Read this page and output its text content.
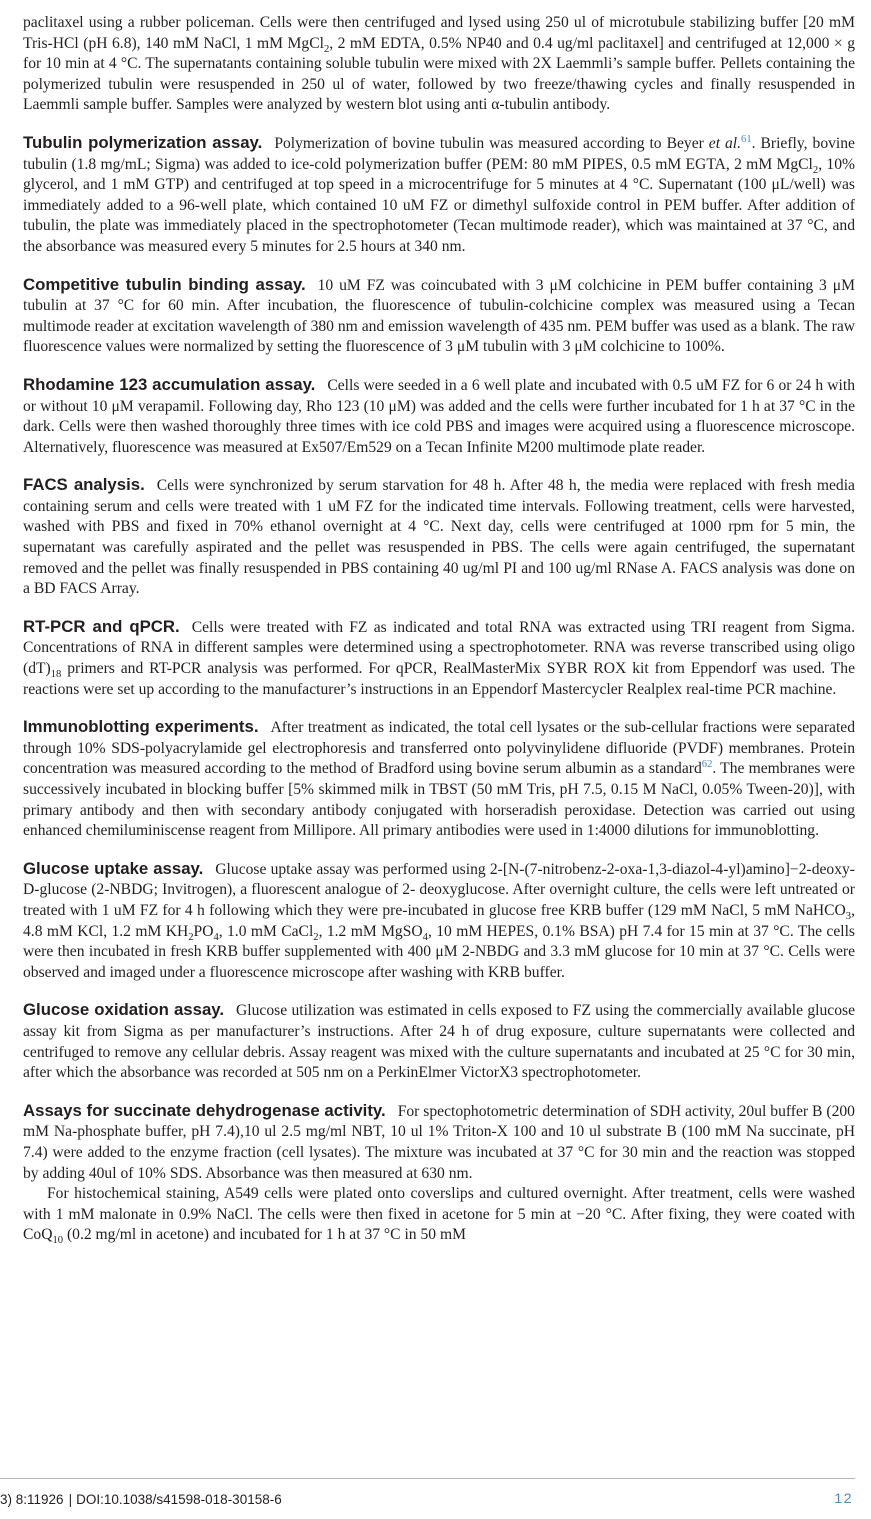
paclitaxel using a rubber policeman. Cells were then centrifuged and lysed using 250 ul of microtubule stabilizing buffer [20 mM Tris-HCl (pH 6.8), 140 mM NaCl, 1 mM MgCl$_2$, 2 mM EDTA, 0.5% NP40 and 0.4 ug/ml paclitaxel] and centrifuged at 12,000 × g for 10 min at 4 °C. The supernatants containing soluble tubulin were mixed with 2X Laemmli’s sample buffer. Pellets containing the polymerized tubulin were resuspended in 250 ul of water, followed by two freeze/thawing cycles and finally resuspended in Laemmli sample buffer. Samples were analyzed by western blot using anti α-tubulin antibody.

Tubulin polymerization assay. Polymerization of bovine tubulin was measured according to Beyer et al.$^{61}$. Briefly, bovine tubulin (1.8 mg/mL; Sigma) was added to ice-cold polymerization buffer (PEM: 80 mM PIPES, 0.5 mM EGTA, 2 mM MgCl$_2$, 10% glycerol, and 1 mM GTP) and centrifuged at top speed in a microcentrifuge for 5 minutes at 4 °C. Supernatant (100 μL/well) was immediately added to a 96-well plate, which contained 10 uM FZ or dimethyl sulfoxide control in PEM buffer. After addition of tubulin, the plate was immediately placed in the spectrophotometer (Tecan multimode reader), which was maintained at 37 °C, and the absorbance was measured every 5 minutes for 2.5 hours at 340 nm.

Competitive tubulin binding assay. 10 uM FZ was coincubated with 3 μM colchicine in PEM buffer containing 3 μM tubulin at 37 °C for 60 min. After incubation, the fluorescence of tubulin-colchicine complex was measured using a Tecan multimode reader at excitation wavelength of 380 nm and emission wavelength of 435 nm. PEM buffer was used as a blank. The raw fluorescence values were normalized by setting the fluorescence of 3 μM tubulin with 3 μM colchicine to 100%.

Rhodamine 123 accumulation assay. Cells were seeded in a 6 well plate and incubated with 0.5 uM FZ for 6 or 24 h with or without 10 μM verapamil. Following day, Rho 123 (10 μM) was added and the cells were further incubated for 1 h at 37 °C in the dark. Cells were then washed thoroughly three times with ice cold PBS and images were acquired using a fluorescence microscope. Alternatively, fluorescence was measured at Ex507/Em529 on a Tecan Infinite M200 multimode plate reader.

FACS analysis. Cells were synchronized by serum starvation for 48 h. After 48 h, the media were replaced with fresh media containing serum and cells were treated with 1 uM FZ for the indicated time intervals. Following treatment, cells were harvested, washed with PBS and fixed in 70% ethanol overnight at 4 °C. Next day, cells were centrifuged at 1000 rpm for 5 min, the supernatant was carefully aspirated and the pellet was resuspended in PBS. The cells were again centrifuged, the supernatant removed and the pellet was finally resuspended in PBS containing 40 ug/ml PI and 100 ug/ml RNase A. FACS analysis was done on a BD FACS Array.

RT-PCR and qPCR. Cells were treated with FZ as indicated and total RNA was extracted using TRI reagent from Sigma. Concentrations of RNA in different samples were determined using a spectrophotometer. RNA was reverse transcribed using oligo $(dT)_{18}$ primers and RT-PCR analysis was performed. For qPCR, RealMasterMix SYBR ROX kit from Eppendorf was used. The reactions were set up according to the manufacturer’s instructions in an Eppendorf Mastercycler Realplex real-time PCR machine.

Immunoblotting experiments. After treatment as indicated, the total cell lysates or the sub-cellular fractions were separated through 10% SDS-polyacrylamide gel electrophoresis and transferred onto polyvinylidene difluoride (PVDF) membranes. Protein concentration was measured according to the method of Bradford using bovine serum albumin as a standard$^{62}$. The membranes were successively incubated in blocking buffer [5% skimmed milk in TBST (50 mM Tris, pH 7.5, 0.15 M NaCl, 0.05% Tween-20)], with primary antibody and then with secondary antibody conjugated with horseradish peroxidase. Detection was carried out using enhanced chemiluminiscense reagent from Millipore. All primary antibodies were used in 1:4000 dilutions for immunoblotting.

Glucose uptake assay. Glucose uptake assay was performed using 2-[N-(7-nitrobenz-2-oxa-1,3-diazol-4-yl)amino]−2-deoxy-D-glucose (2-NBDG; Invitrogen), a fluorescent analogue of 2- deoxyglucose. After overnight culture, the cells were left untreated or treated with 1 uM FZ for 4 h following which they were pre-incubated in glucose free KRB buffer (129 mM NaCl, 5 mM NaHCO$_3$, 4.8 mM KCl, 1.2 mM $KH_2PO_4$, 1.0 mM CaCl$_2$, 1.2 mM MgSO$_4$, 10 mM HEPES, 0.1% BSA) pH 7.4 for 15 min at 37 °C. The cells were then incubated in fresh KRB buffer supplemented with 400 μM 2-NBDG and 3.3 mM glucose for 10 min at 37 °C. Cells were observed and imaged under a fluorescence microscope after washing with KRB buffer.

Glucose oxidation assay. Glucose utilization was estimated in cells exposed to FZ using the commercially available glucose assay kit from Sigma as per manufacturer’s instructions. After 24 h of drug exposure, culture supernatants were collected and centrifuged to remove any cellular debris. Assay reagent was mixed with the culture supernatants and incubated at 25 °C for 30 min, after which the absorbance was recorded at 505 nm on a PerkinElmer VictorX3 spectrophotometer.

Assays for succinate dehydrogenase activity. For spectophotometric determination of SDH activity, 20ul buffer B (200 mM Na-phosphate buffer, pH 7.4),10 ul 2.5 mg/ml NBT, 10 ul 1% Triton-X 100 and 10 ul substrate B (100 mM Na succinate, pH 7.4) were added to the enzyme fraction (cell lysates). The mixture was incubated at 37 °C for 30 min and the reaction was stopped by adding 40ul of 10% SDS. Absorbance was then measured at 630 nm.

For histochemical staining, A549 cells were plated onto coverslips and cultured overnight. After treatment, cells were washed with 1 mM malonate in 0.9% NaCl. The cells were then fixed in acetone for 5 min at −20 °C. After fixing, they were coated with CoQ$_{10}$ (0.2 mg/ml in acetone) and incubated for 1 h at 37 °C in 50 mM

3) 8:11926 | DOI:10.1038/s41598-018-30158-6	12
